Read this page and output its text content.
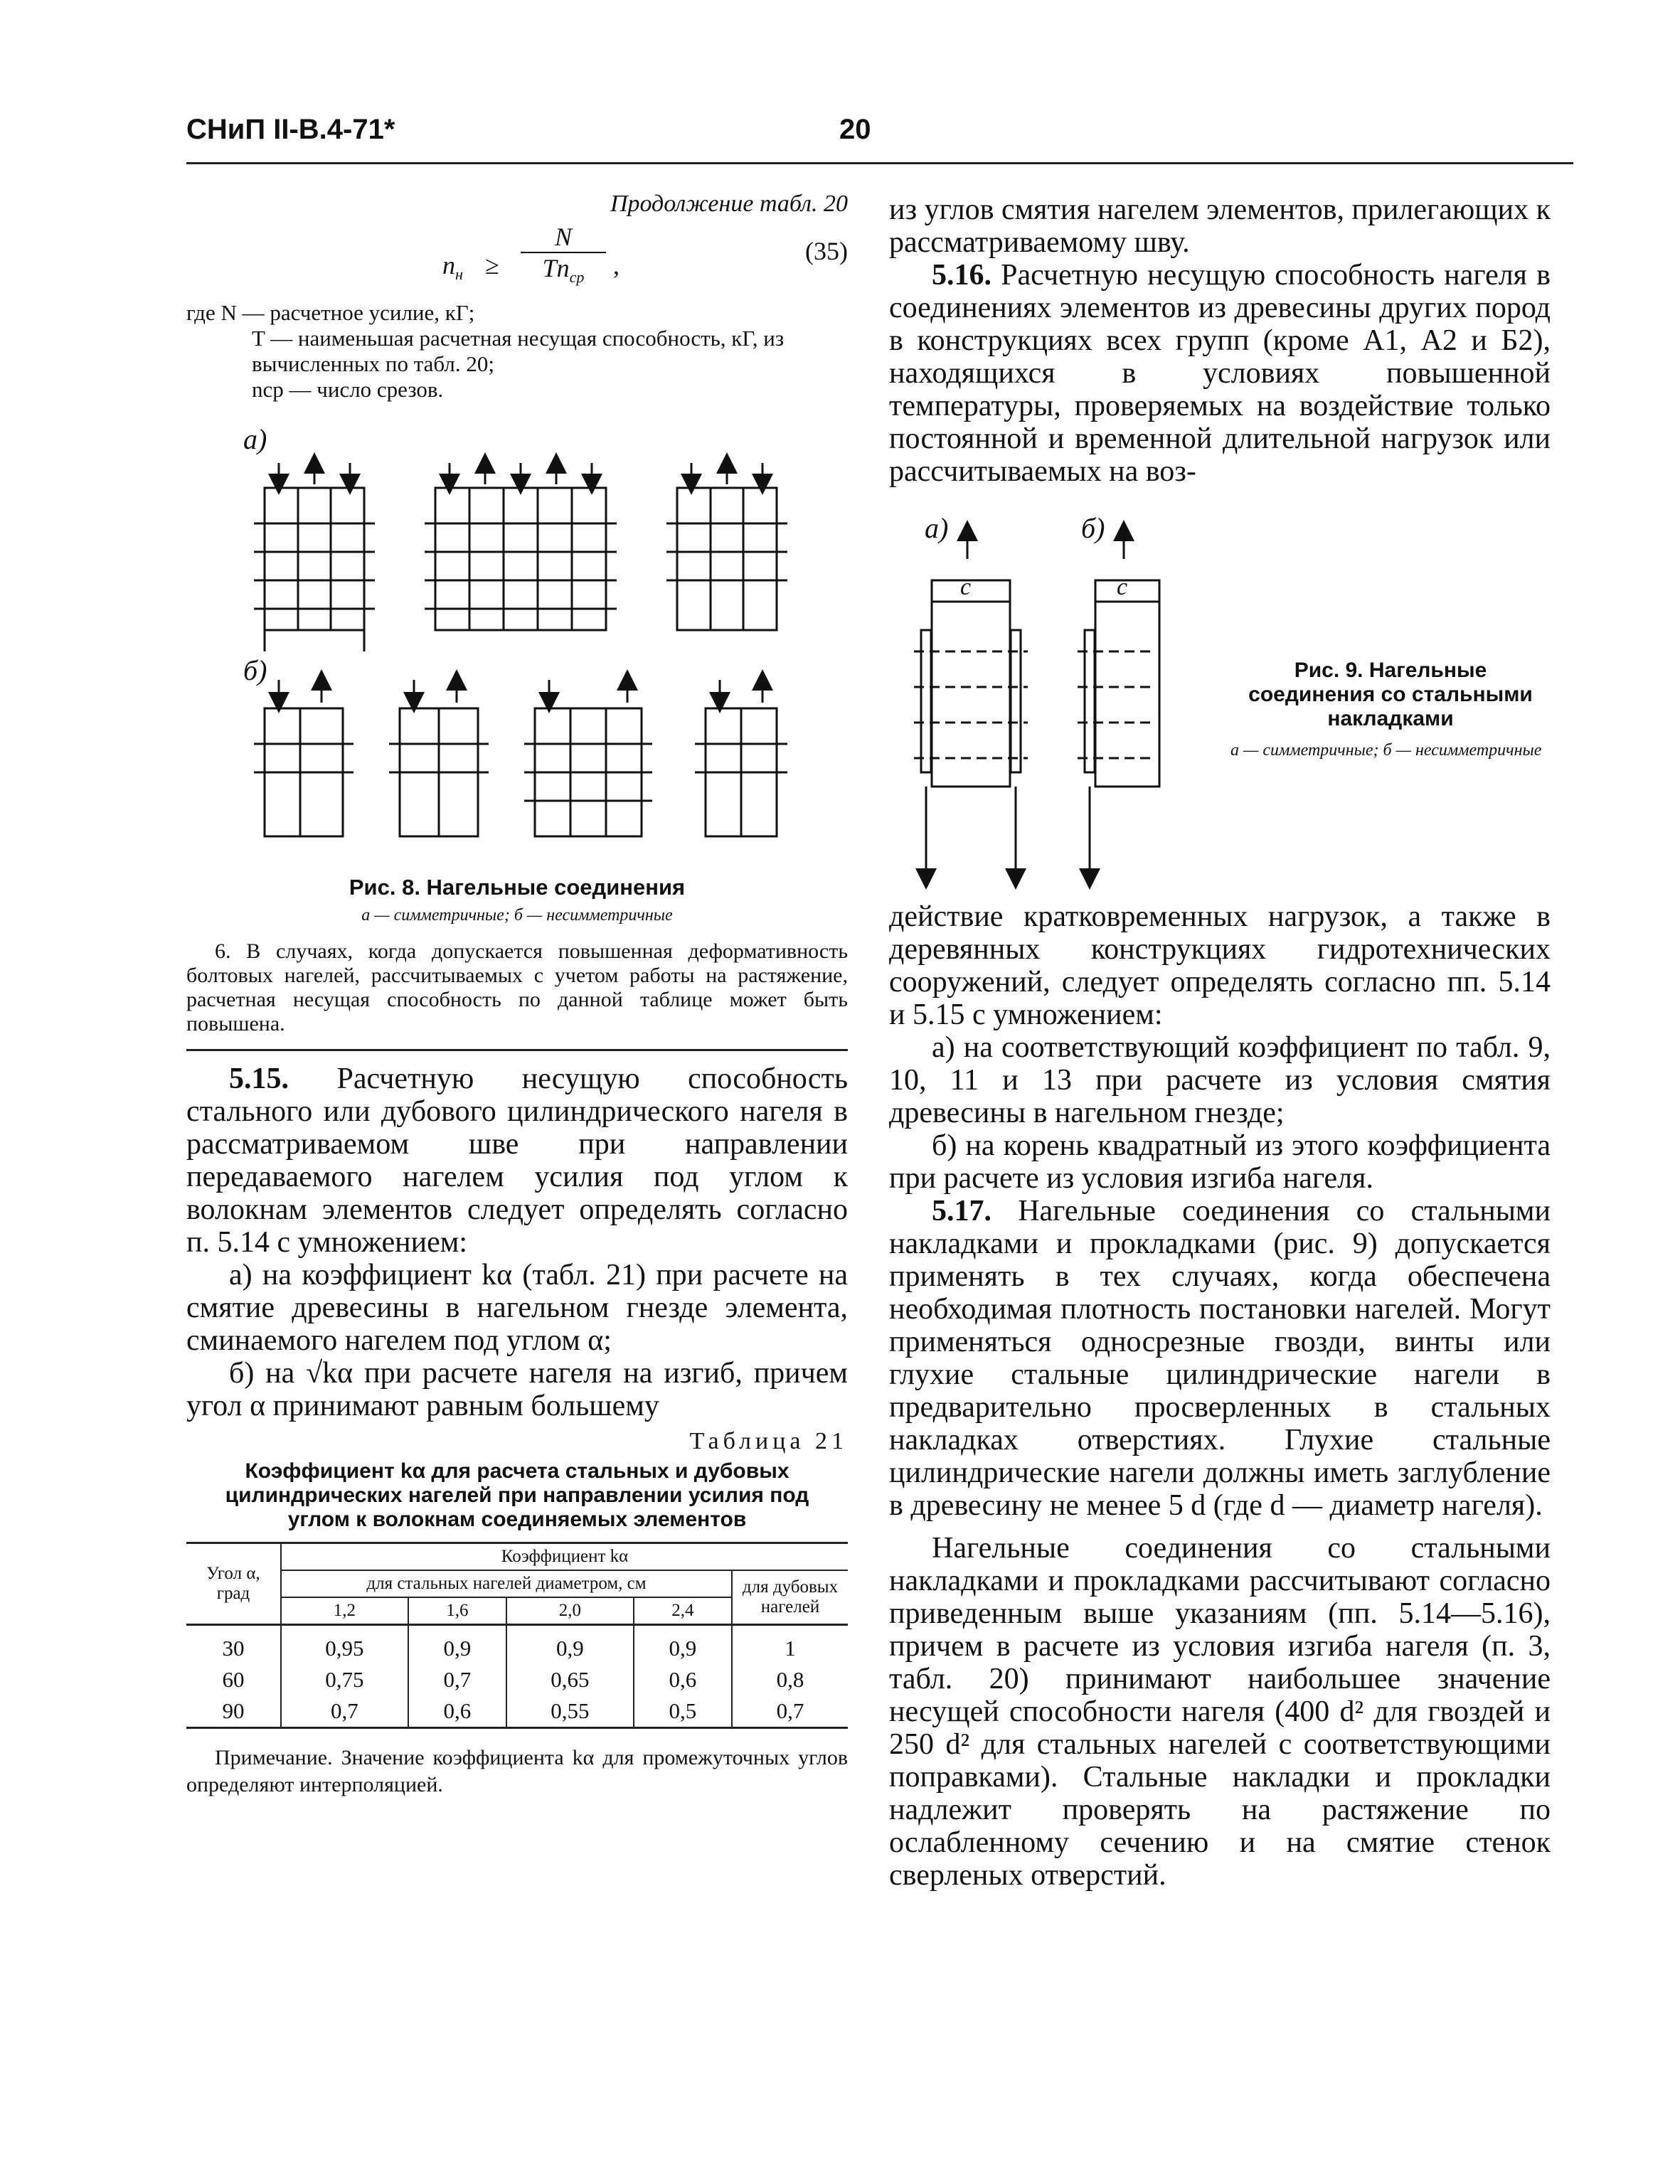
СНиП II-В.4-71*	20
Продолжение табл. 20
$n_н$ ≥
N
$Tn_{ср}$	,	(35)
где N — расчетное усилие, кГ;
T — наименьшая расчетная несущая способность, кГ, из вычисленных по табл. 20;
nср — число срезов.
а)
б)
Рис. 8. Нагельные соединения
а — симметричные; б — несимметричные
6. В случаях, когда допускается повышенная деформативность болтовых нагелей, рассчитываемых с учетом работы на растяжение, расчетная несущая способность по данной таблице может быть повышена.

5.15. Расчетную несущую способность стального или дубового цилиндрического нагеля в рассматриваемом шве при направлении передаваемого нагелем усилия под углом к волокнам элементов следует определять согласно п. 5.14 с умножением:

а) на коэффициент kα (табл. 21) при расчете на смятие древесины в нагельном гнезде элемента, сминаемого нагелем под углом α;

б) на √kα при расчете нагеля на изгиб, причем угол α принимают равным большему

Таблица 21
Коэффициент kα для расчета стальных и дубовых цилиндрических нагелей при направлении усилия под углом к волокнам соединяемых элементов
Угол α, град	Коэффициент kα				
	для стальных нагелей диаметром, см				для дубовых нагелей
	1,2	1,6	2,0	2,4	
30	0,95	0,9	0,9	0,9	1
60	0,75	0,7	0,65	0,6	0,8
90	0,7	0,6	0,55	0,5	0,7
Примечание. Значение коэффициента kα для промежуточных углов определяют интерполяцией.
из углов смятия нагелем элементов, прилегающих к рассматриваемому шву.

5.16. Расчетную несущую способность нагеля в соединениях элементов из древесины других пород в конструкциях всех групп (кроме А1, А2 и Б2), находящихся в условиях повышенной температуры, проверяемых на воздействие только постоянной и временной длительной нагрузок или рассчитываемых на воз-

а)
c
б)
c
Рис. 9. Нагельные соединения со стальными накладками
а — симметричные; б — несимметричные

действие кратковременных нагрузок, а также в деревянных конструкциях гидротехнических сооружений, следует определять согласно пп. 5.14 и 5.15 с умножением:

а) на соответствующий коэффициент по табл. 9, 10, 11 и 13 при расчете из условия смятия древесины в нагельном гнезде;

б) на корень квадратный из этого коэффициента при расчете из условия изгиба нагеля.

5.17. Нагельные соединения со стальными накладками и прокладками (рис. 9) допускается применять в тех случаях, когда обеспечена необходимая плотность постановки нагелей. Могут применяться односрезные гвозди, винты или глухие стальные цилиндрические нагели в предварительно просверленных в стальных накладках отверстиях. Глухие стальные цилиндрические нагели должны иметь заглубление в древесину не менее 5 d (где d — диаметр нагеля).

Нагельные соединения со стальными накладками и прокладками рассчитывают согласно приведенным выше указаниям (пп. 5.14—5.16), причем в расчете из условия изгиба нагеля (п. 3, табл. 20) принимают наибольшее значение несущей способности нагеля (400 d² для гвоздей и 250 d² для стальных нагелей с соответствующими поправками). Стальные накладки и прокладки надлежит проверять на растяжение по ослабленному сечению и на смятие стенок сверленых отверстий.
